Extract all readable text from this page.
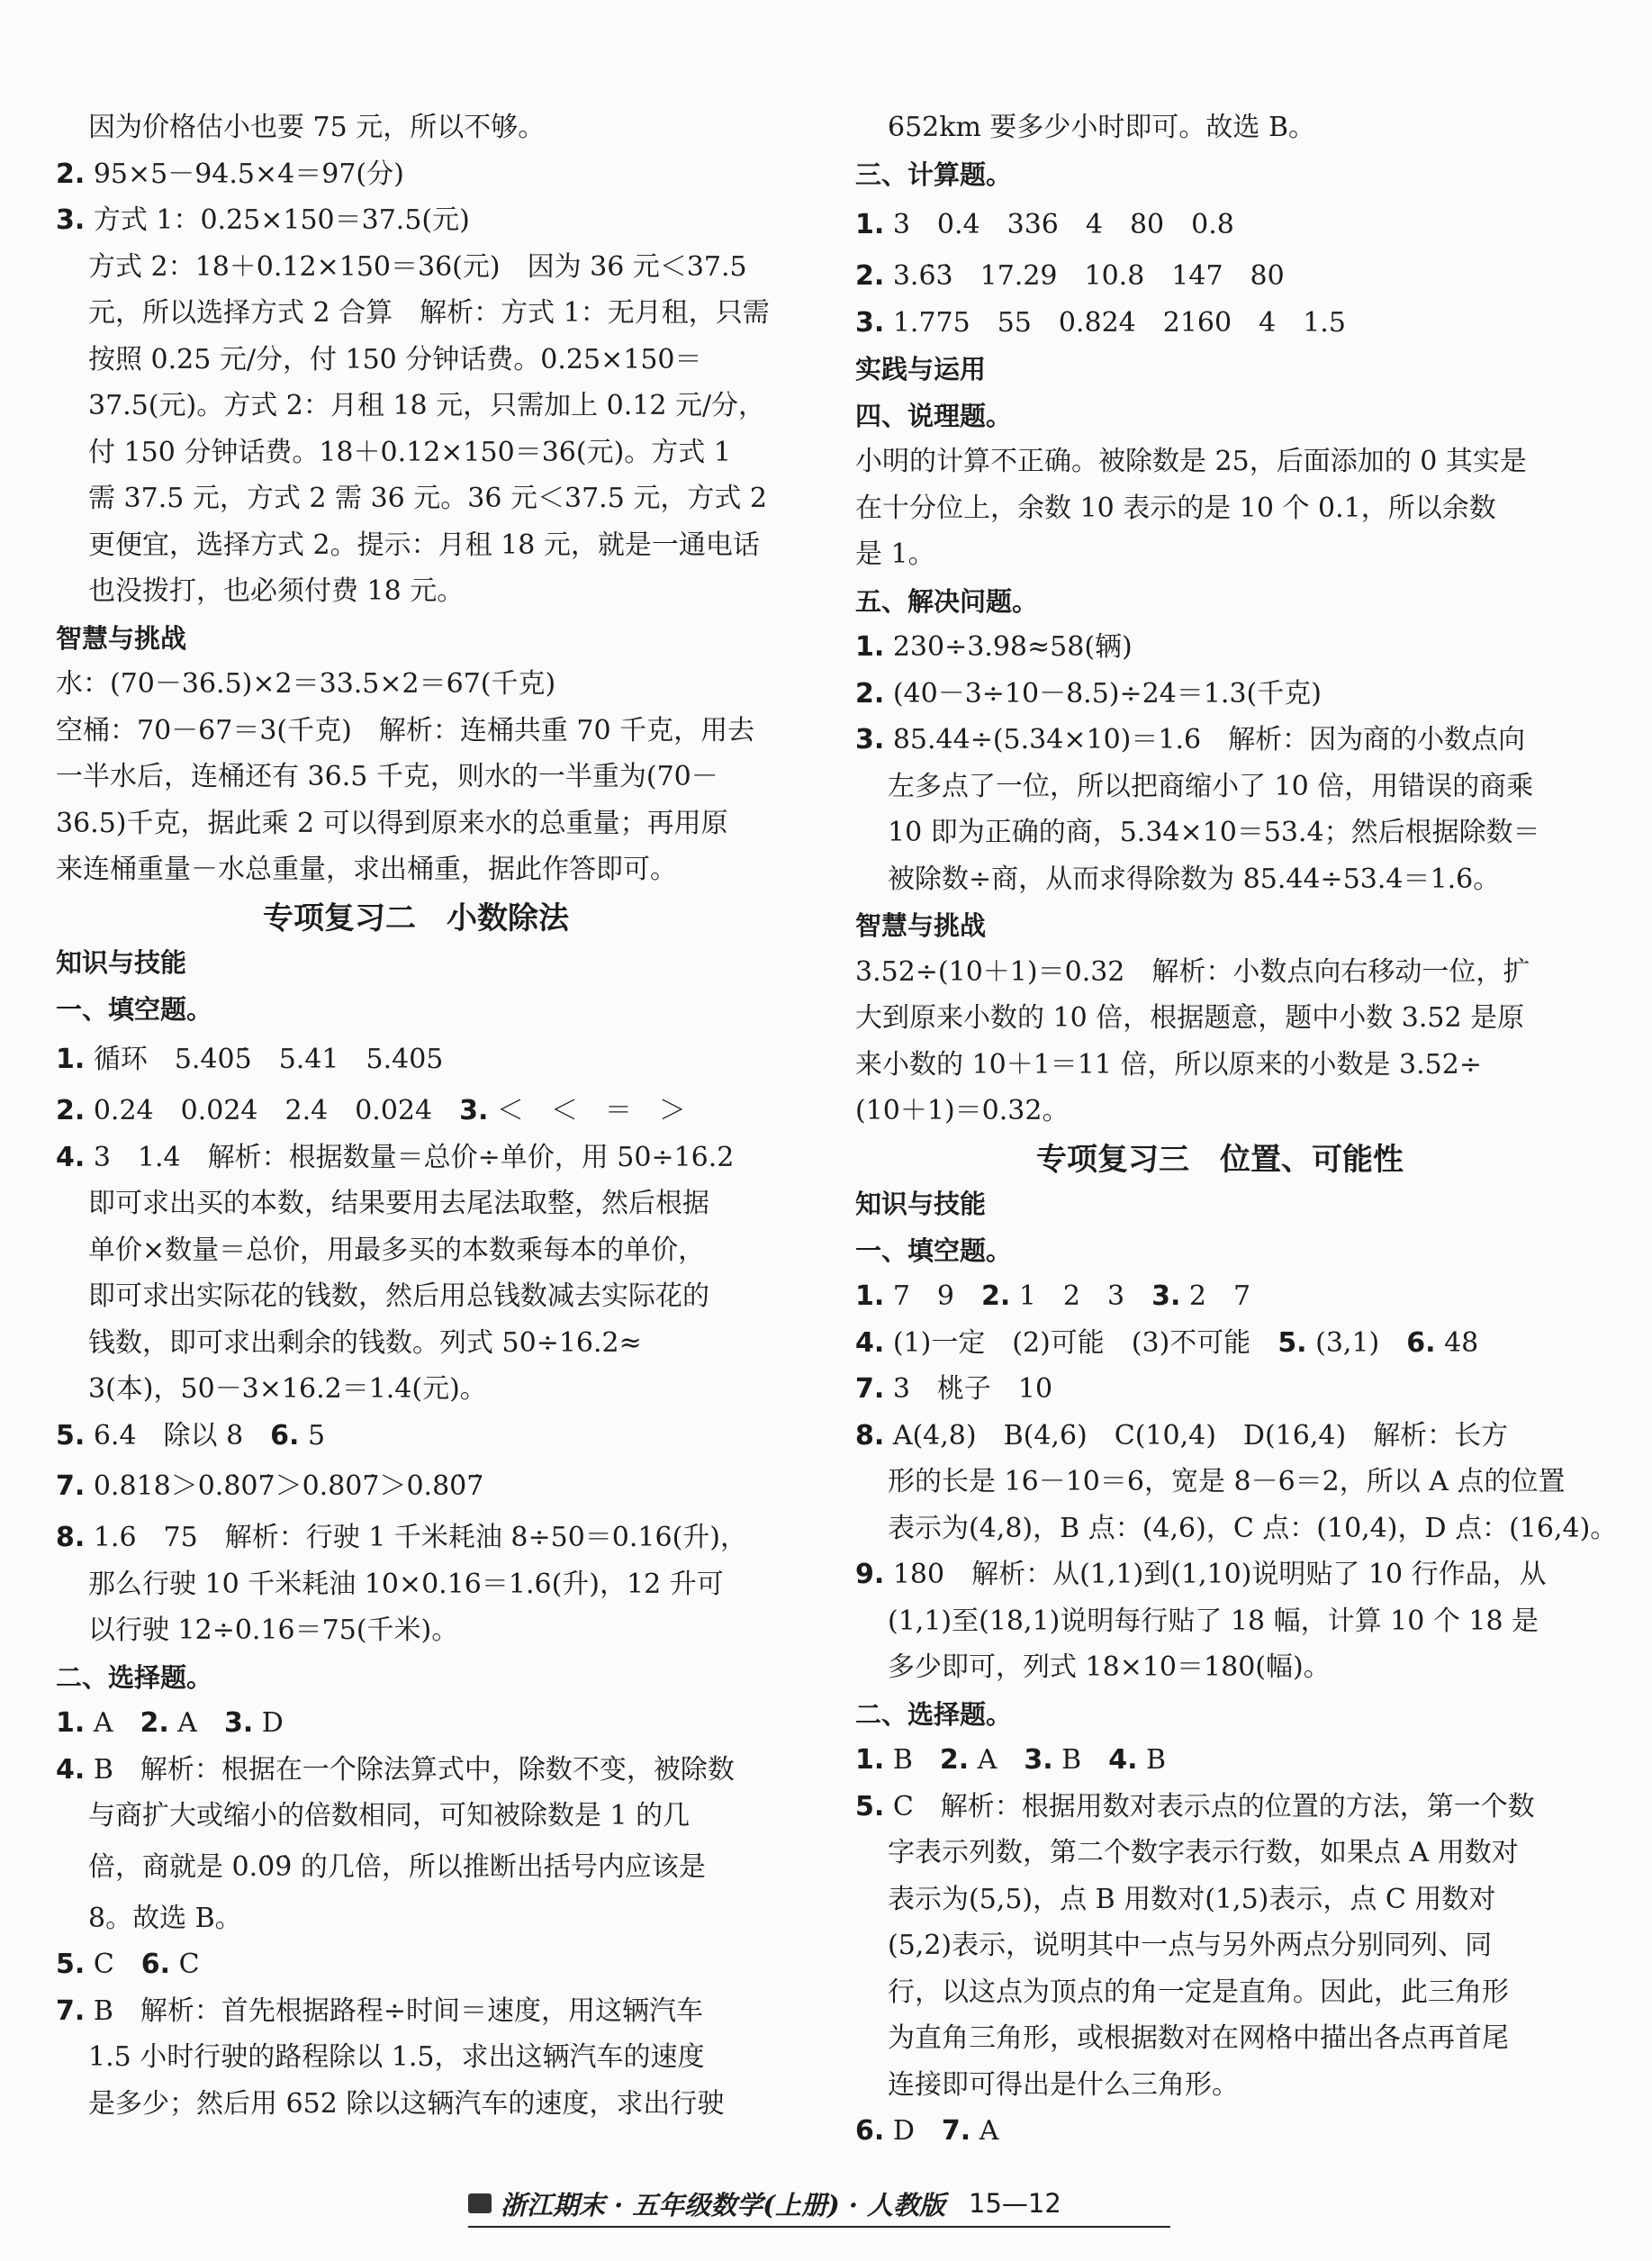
因为价格估小也要 75 元，所以不够。
2. 95×5－94.5×4＝97(分)
3. 方式 1：0.25×150＝37.5(元)
方式 2：18＋0.12×150＝36(元)　因为 36 元＜37.5
元，所以选择方式 2 合算　解析：方式 1：无月租，只需
按照 0.25 元/分，付 150 分钟话费。0.25×150＝
37.5(元)。方式 2：月租 18 元，只需加上 0.12 元/分，
付 150 分钟话费。18＋0.12×150＝36(元)。方式 1
需 37.5 元，方式 2 需 36 元。36 元＜37.5 元，方式 2
更便宜，选择方式 2。提示：月租 18 元，就是一通电话
也没拨打，也必须付费 18 元。
智慧与挑战
水：(70－36.5)×2＝33.5×2＝67(千克)
空桶：70－67＝3(千克)　解析：连桶共重 70 千克，用去
一半水后，连桶还有 36.5 千克，则水的一半重为(70－
36.5)千克，据此乘 2 可以得到原来水的总重量；再用原
来连桶重量－水总重量，求出桶重，据此作答即可。
专项复习二　小数除法
知识与技能
一、填空题。
1. 循环　5.4̇05̇　5.41　5.405
2. 0.24　0.024　2.4　0.024　3. ＜　＜　＝　＞
4. 3　1.4　解析：根据数量＝总价÷单价，用 50÷16.2
即可求出买的本数，结果要用去尾法取整，然后根据
单价×数量＝总价，用最多买的本数乘每本的单价，
即可求出实际花的钱数，然后用总钱数减去实际花的
钱数，即可求出剩余的钱数。列式 50÷16.2≈
3(本)，50－3×16.2＝1.4(元)。
5. 6.4　除以 8　6. 5
7. 0.818＞0.8̇07̇＞0.807̇＞0.80̇7̇
8. 1.6　75　解析：行驶 1 千米耗油 8÷50＝0.16(升)，
那么行驶 10 千米耗油 10×0.16＝1.6(升)，12 升可
以行驶 12÷0.16＝75(千米)。
二、选择题。
1. A　2. A　3. D
4. B　解析：根据在一个除法算式中，除数不变，被除数
与商扩大或缩小的倍数相同，可知被除数是 1 的几
倍，商就是 0.0̇9̇ 的几倍，所以推断出括号内应该是
8。故选 B。
5. C　6. C
7. B　解析：首先根据路程÷时间＝速度，用这辆汽车
1.5 小时行驶的路程除以 1.5，求出这辆汽车的速度
是多少；然后用 652 除以这辆汽车的速度，求出行驶
652km 要多少小时即可。故选 B。
三、计算题。
1. 3　0.4　336　4　80　0.8
2. 3.6̇3̇　17.29　10.8　147　80
3. 1.775　55　0.824　2160　4　1.5
实践与运用
四、说理题。
小明的计算不正确。被除数是 25，后面添加的 0 其实是
在十分位上，余数 10 表示的是 10 个 0.1，所以余数
是 1。
五、解决问题。
1. 230÷3.98≈58(辆)
2. (40－3÷10－8.5)÷24＝1.3(千克)
3. 85.44÷(5.34×10)＝1.6　解析：因为商的小数点向
左多点了一位，所以把商缩小了 10 倍，用错误的商乘
10 即为正确的商，5.34×10＝53.4；然后根据除数＝
被除数÷商，从而求得除数为 85.44÷53.4＝1.6。
智慧与挑战
3.52÷(10＋1)＝0.32　解析：小数点向右移动一位，扩
大到原来小数的 10 倍，根据题意，题中小数 3.52 是原
来小数的 10＋1＝11 倍，所以原来的小数是 3.52÷
(10＋1)＝0.32。
专项复习三　位置、可能性
知识与技能
一、填空题。
1. 7　9　2. 1　2　3　3. 2　7
4. (1)一定　(2)可能　(3)不可能　5. (3,1)　6. 48
7. 3　桃子　10
8. A(4,8)　B(4,6)　C(10,4)　D(16,4)　解析：长方
形的长是 16－10＝6，宽是 8－6＝2，所以 A 点的位置
表示为(4,8)，B 点：(4,6)，C 点：(10,4)，D 点：(16,4)。
9. 180　解析：从(1,1)到(1,10)说明贴了 10 行作品，从
(1,1)至(18,1)说明每行贴了 18 幅，计算 10 个 18 是
多少即可，列式 18×10＝180(幅)。
二、选择题。
1. B　2. A　3. B　4. B
5. C　解析：根据用数对表示点的位置的方法，第一个数
字表示列数，第二个数字表示行数，如果点 A 用数对
表示为(5,5)，点 B 用数对(1,5)表示，点 C 用数对
(5,2)表示，说明其中一点与另外两点分别同列、同
行，以这点为顶点的角一定是直角。因此，此三角形
为直角三角形，或根据数对在网格中描出各点再首尾
连接即可得出是什么三角形。
6. D　7. A
浙江期末 · 五年级数学(上册) · 人教版 15—12
